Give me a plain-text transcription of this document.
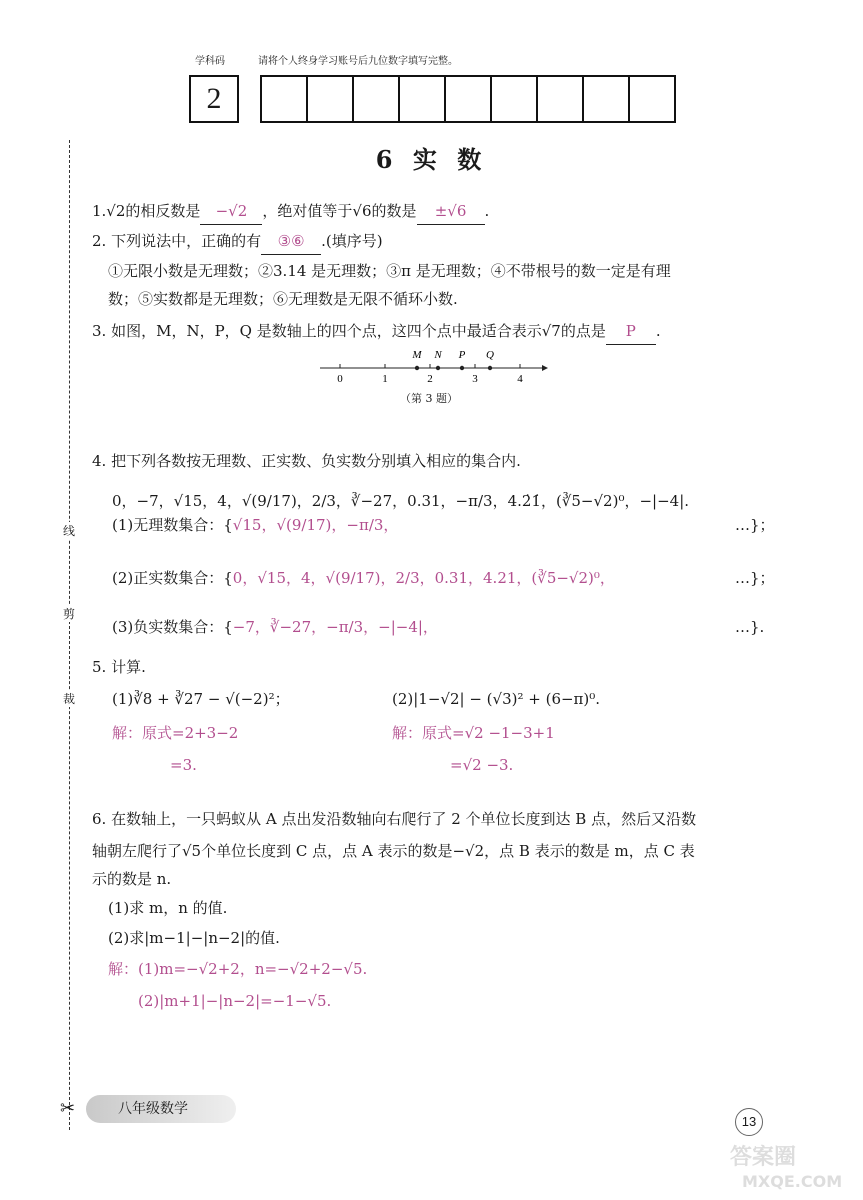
学科码	请将个人终身学习账号后九位数字填写完整。
2
6 实 数
线
剪
裁
✂
1.√2的相反数是 −√2 ，绝对值等于√6的数是 ±√6 .
2. 下列说法中，正确的有 ③⑥ .(填序号)
①无限小数是无理数；②3.14 是无理数；③π 是无理数；④不带根号的数一定是有理
数；⑤实数都是无理数；⑥无理数是无限不循环小数.
3. 如图，M，N，P，Q 是数轴上的四个点，这四个点中最适合表示√7的点是 P .
0	1	2	3	4
M N P Q
（第 3 题）
4. 把下列各数按无理数、正实数、负实数分别填入相应的集合内.
0，−7，√15，4，√(9/17)，2/3，∛−27，0.31，−π/3，4.2̇1̇，(∛5−√2)⁰，−|−4|.
(1)无理数集合：{√15，√(9/17)，−π/3，	…}；
(2)正实数集合：{0，√15，4，√(9/17)，2/3，0.31，4.21，(∛5−√2)⁰，	…}；
(3)负实数集合：{−7，∛−27，−π/3，−|−4|，	…}.
5. 计算.
(1)∛8 + ∛27 − √(−2)²；	(2)|1−√2| − (√3)² + (6−π)⁰.
解：原式=2+3−2
=3.
解：原式=√2 −1−3+1
=√2 −3.
6. 在数轴上，一只蚂蚁从 A 点出发沿数轴向右爬行了 2 个单位长度到达 B 点，然后又沿数
轴朝左爬行了√5个单位长度到 C 点，点 A 表示的数是−√2，点 B 表示的数是 m，点 C 表
示的数是 n.
(1)求 m，n 的值.
(2)求|m−1|−|n−2|的值.
解：(1)m=−√2+2，n=−√2+2−√5.
(2)|m+1|−|n−2|=−1−√5.
八年级数学
13
答案圈
MXQE.COM
